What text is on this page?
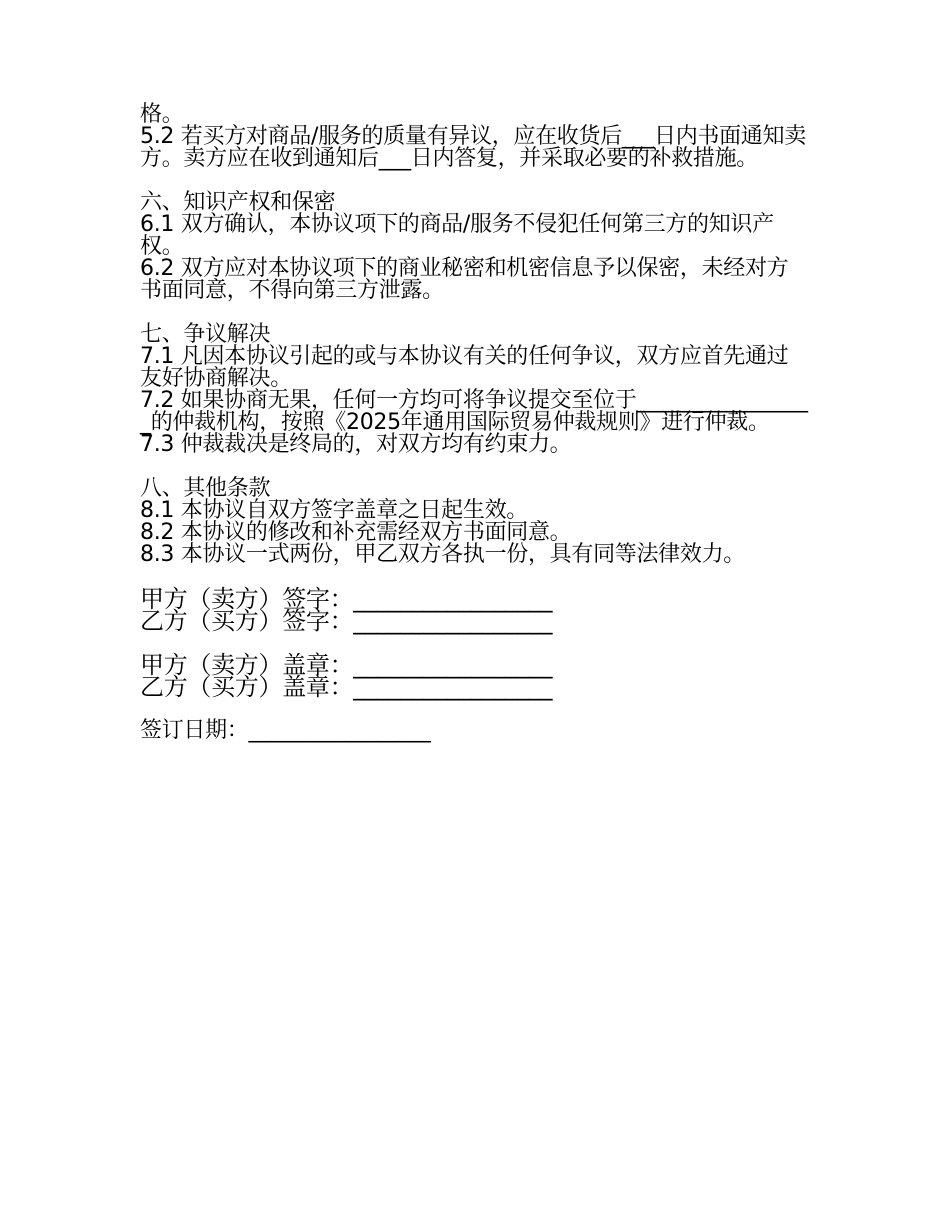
格。

5.2 若买方对商品/服务的质量有异议，应在收货后___日内书面通知卖方。卖方应在收到通知后___日内答复，并采取必要的补救措施。

六、知识产权和保密

6.1 双方确认，本协议项下的商品/服务不侵犯任何第三方的知识产权。

6.2 双方应对本协议项下的商业秘密和机密信息予以保密，未经对方书面同意，不得向第三方泄露。

七、争议解决

7.1 凡因本协议引起的或与本协议有关的任何争议，双方应首先通过友好协商解决。

7.2 如果协商无果，任何一方均可将争议提交至位于_________________的仲裁机构，按照《2025年通用国际贸易仲裁规则》进行仲裁。

7.3 仲裁裁决是终局的，对双方均有约束力。

八、其他条款

8.1 本协议自双方签字盖章之日起生效。

8.2 本协议的修改和补充需经双方书面同意。

8.3 本协议一式两份，甲乙双方各执一份，具有同等法律效力。

甲方（卖方）签字：_________________

乙方（买方）签字：_________________

甲方（卖方）盖章：_________________

乙方（买方）盖章：_________________

签订日期：_________________
